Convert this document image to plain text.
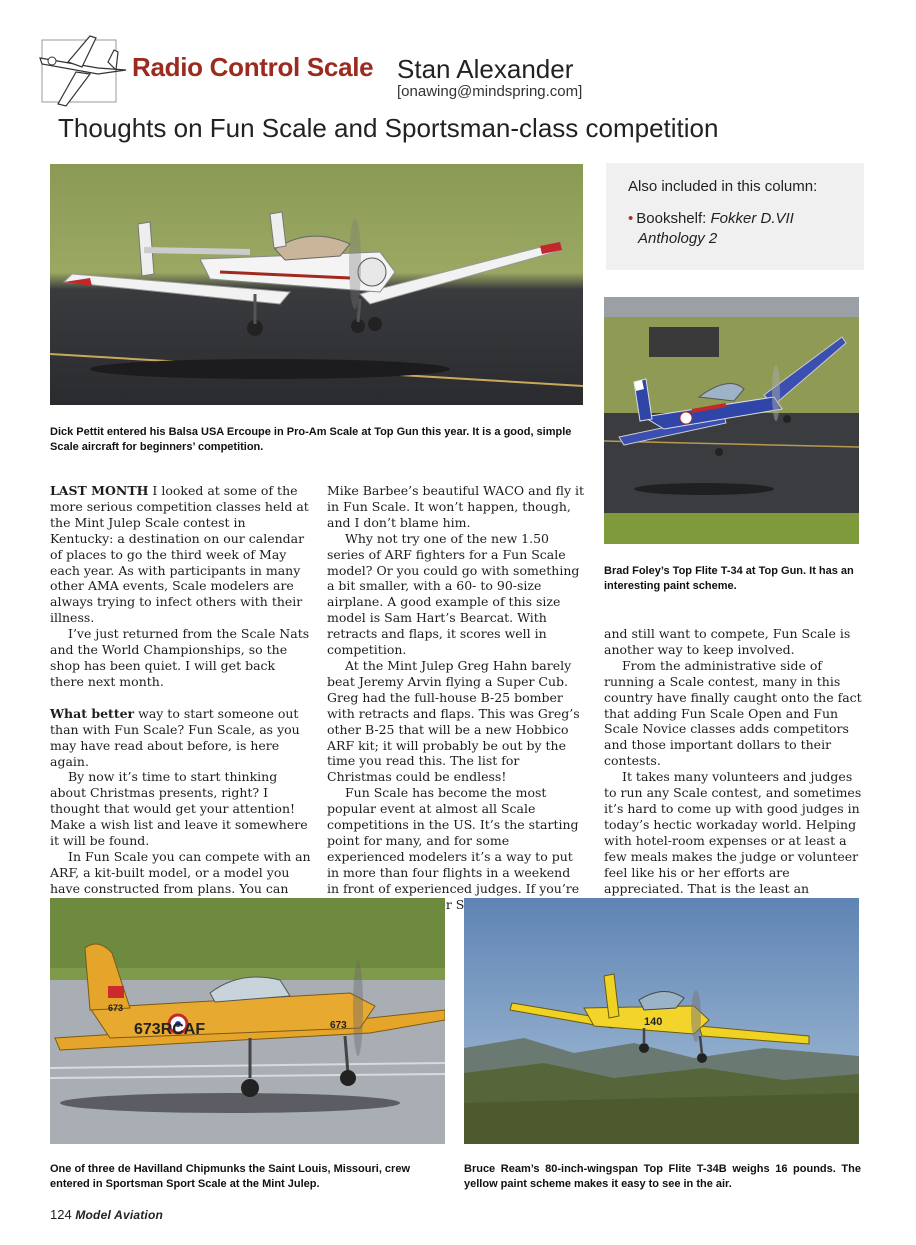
Radio Control Scale Stan Alexander
[onawing@mindspring.com]
Thoughts on Fun Scale and Sportsman-class competition
Dick Pettit entered his Balsa USA Ercoupe in Pro-Am Scale at Top Gun this year. It is a good, simple Scale aircraft for beginners’ competition.
Also included in this column:
• Bookshelf: Fokker D.VII
Anthology 2
Brad Foley’s Top Flite T-34 at Top Gun. It has an interesting paint scheme.

LAST MONTH I looked at some of the more serious competition classes held at the Mint Julep Scale contest in Kentucky: a destination on our calendar of places to go the third week of May each year. As with participants in many other AMA events, Scale modelers are always trying to infect others with their illness.

I’ve just returned from the Scale Nats and the World Championships, so the shop has been quiet. I will get back there next month.

What better way to start someone out than with Fun Scale? Fun Scale, as you may have read about before, is here again.

By now it’s time to start thinking about Christmas presents, right? I thought that would get your attention! Make a wish list and leave it somewhere it will be found.

In Fun Scale you can compete with an ARF, a kit-built model, or a model you have constructed from plans. You can

Mike Barbee’s beautiful WACO and fly it in Fun Scale. It won’t happen, though, and I don’t blame him.

Why not try one of the new 1.50 series of ARF fighters for a Fun Scale model? Or you could go with something a bit smaller, with a 60- to 90-size airplane. A good example of this size model is Sam Hart’s Bearcat. With retracts and flaps, it scores well in competition.

At the Mint Julep Greg Hahn barely beat Jeremy Arvin flying a Super Cub. Greg had the full-house B-25 bomber with retracts and flaps. This was Greg’s other B-25 that will be a new Hobbico ARF kit; it will probably be out by the time you read this. The list for Christmas could be endless!

Fun Scale has become the most popular event at almost all Scale competitions in the US. It’s the starting point for many, and for some experienced modelers it’s a way to put in more than four flights in a weekend in front of experienced judges. If you’re

and still want to compete, Fun Scale is another way to keep involved.

From the administrative side of running a Scale contest, many in this country have finally caught onto the fact that adding Fun Scale Open and Fun Scale Novice classes adds competitors and those important dollars to their contests.

It takes many volunteers and judges to run any Scale contest, and sometimes it’s hard to come up with good judges in today’s hectic workaday world. Helping with hotel-room expenses or at least a few meals makes the judge or volunteer feel like his or her efforts are appreciated. That is the least an

673
673RCAF	673
One of three de Havilland Chipmunks the Saint Louis, Missouri, crew entered in Sportsman Sport Scale at the Mint Julep.
140
Bruce Ream’s 80-inch-wingspan Top Flite T-34B weighs 16 pounds. The yellow paint scheme makes it easy to see in the air.
124 Model Aviation
